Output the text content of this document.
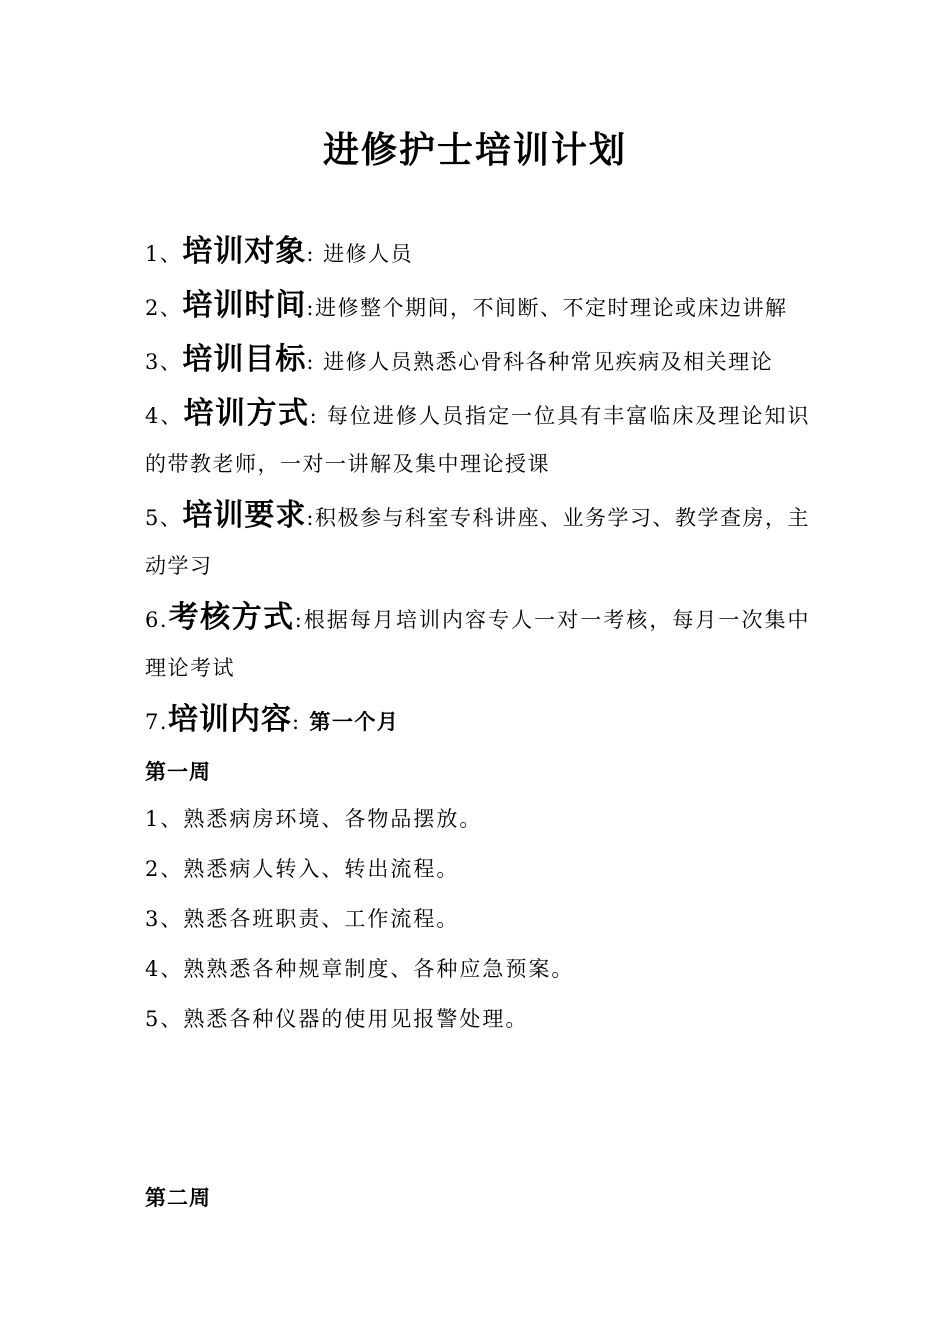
进修护士培训计划

1、培训对象: 进修人员

2、培训时间:进修整个期间，不间断、不定时理论或床边讲解

3、培训目标: 进修人员熟悉心骨科各种常见疾病及相关理论

4、培训方式: 每位进修人员指定一位具有丰富临床及理论知识的带教老师，一对一讲解及集中理论授课

5、培训要求:积极参与科室专科讲座、业务学习、教学查房，主动学习

6.考核方式:根据每月培训内容专人一对一考核，每月一次集中理论考试

7.培训内容: 第一个月

第一周
1、熟悉病房环境、各物品摆放。
2、熟悉病人转入、转出流程。
3、熟悉各班职责、工作流程。
4、熟熟悉各种规章制度、各种应急预案。
5、熟悉各种仪器的使用见报警处理。
第二周
